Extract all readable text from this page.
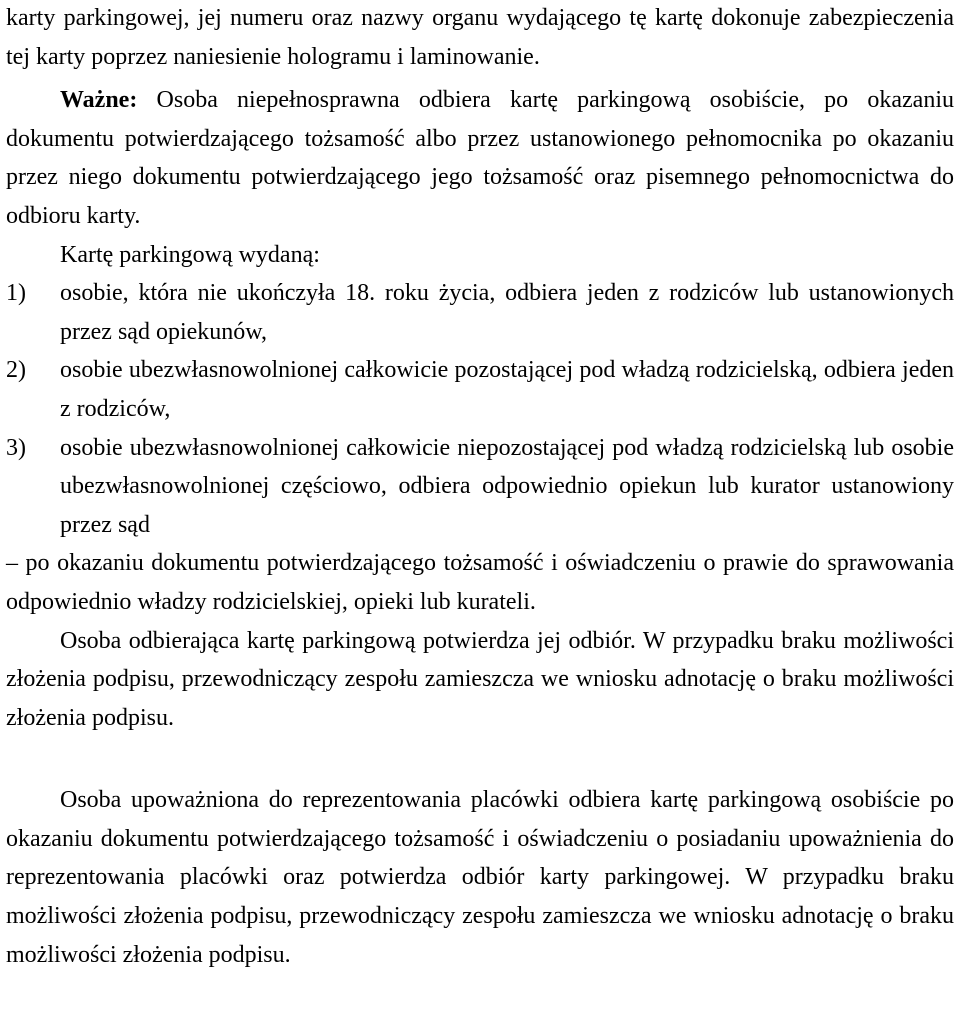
karty parkingowej, jej numeru oraz nazwy organu wydającego tę kartę dokonuje zabezpieczenia tej karty poprzez naniesienie hologramu i laminowanie.

Ważne: Osoba niepełnosprawna odbiera kartę parkingową osobiście, po okazaniu dokumentu potwierdzającego tożsamość albo przez ustanowionego pełnomocnika po okazaniu przez niego dokumentu potwierdzającego jego tożsamość oraz pisemnego pełnomocnictwa do odbioru karty.

Kartę parkingową wydaną:

1) osobie, która nie ukończyła 18. roku życia, odbiera jeden z rodziców lub ustanowionych przez sąd opiekunów,
2) osobie ubezwłasnowolnionej całkowicie pozostającej pod władzą rodzicielską, odbiera jeden z rodziców,
3) osobie ubezwłasnowolnionej całkowicie niepozostającej pod władzą rodzicielską lub osobie ubezwłasnowolnionej częściowo, odbiera odpowiednio opiekun lub kurator ustanowiony przez sąd

– po okazaniu dokumentu potwierdzającego tożsamość i oświadczeniu o prawie do sprawowania odpowiednio władzy rodzicielskiej, opieki lub kurateli.

Osoba odbierająca kartę parkingową potwierdza jej odbiór. W przypadku braku możliwości złożenia podpisu, przewodniczący zespołu zamieszcza we wniosku adnotację o braku możliwości złożenia podpisu.

Osoba upoważniona do reprezentowania placówki odbiera kartę parkingową osobiście po okazaniu dokumentu potwierdzającego tożsamość i oświadczeniu o posiadaniu upoważnienia do reprezentowania placówki oraz potwierdza odbiór karty parkingowej. W przypadku braku możliwości złożenia podpisu, przewodniczący zespołu zamieszcza we wniosku adnotację o braku możliwości złożenia podpisu.
